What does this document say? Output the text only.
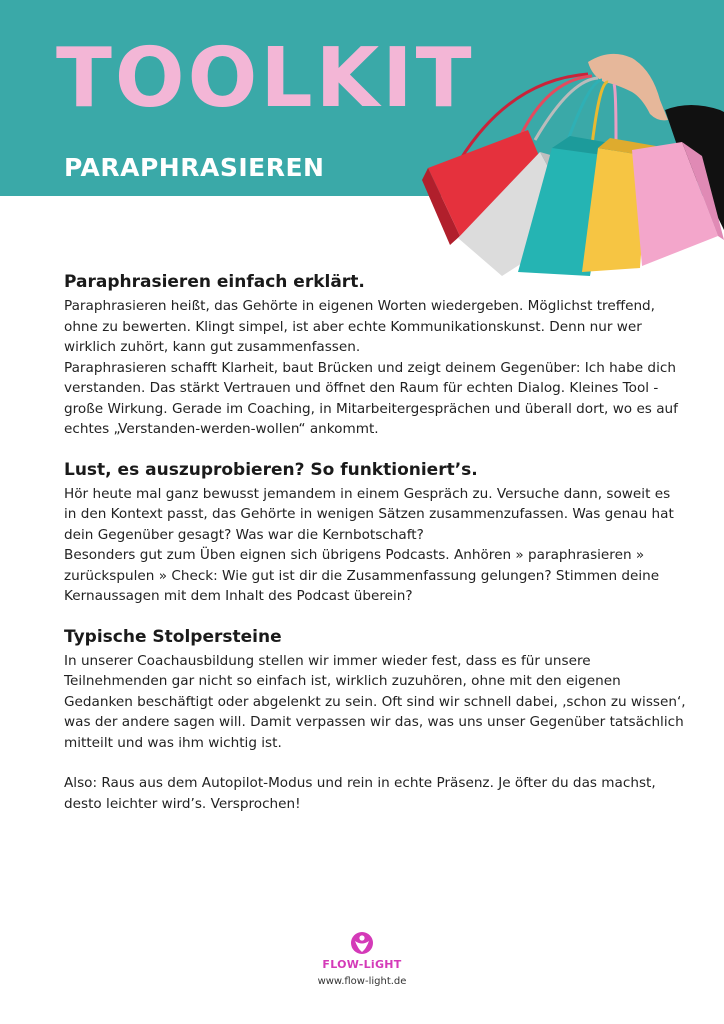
TOOLKIT
PARAPHRASIEREN
Paraphrasieren einfach erklärt.

Paraphrasieren heißt, das Gehörte in eigenen Worten wiedergeben. Möglichst treffend, ohne zu bewerten. Klingt simpel, ist aber echte Kommunikationskunst. Denn nur wer wirklich zuhört, kann gut zusammenfassen.

Paraphrasieren schafft Klarheit, baut Brücken und zeigt deinem Gegenüber: Ich habe dich verstanden. Das stärkt Vertrauen und öffnet den Raum für echten Dialog. Kleines Tool - große Wirkung. Gerade im Coaching, in Mitarbeitergesprächen und überall dort, wo es auf echtes „Verstanden-werden-wollen“ ankommt.

Lust, es auszuprobieren? So funktioniert’s.

Hör heute mal ganz bewusst jemandem in einem Gespräch zu. Versuche dann, soweit es in den Kontext passt, das Gehörte in wenigen Sätzen zusammenzufassen. Was genau hat dein Gegenüber gesagt? Was war die Kernbotschaft?

Besonders gut zum Üben eignen sich übrigens Podcasts. Anhören » paraphrasieren » zurückspulen » Check: Wie gut ist dir die Zusammenfassung gelungen? Stimmen deine Kernaussagen mit dem Inhalt des Podcast überein?

Typische Stolpersteine

In unserer Coachausbildung stellen wir immer wieder fest, dass es für unsere Teilnehmenden gar nicht so einfach ist, wirklich zuzuhören, ohne mit den eigenen Gedanken beschäftigt oder abgelenkt zu sein. Oft sind wir schnell dabei, ‚schon zu wissen‘, was der andere sagen will. Damit verpassen wir das, was uns unser Gegenüber tatsächlich mitteilt und was ihm wichtig ist.

Also: Raus aus dem Autopilot-Modus und rein in echte Präsenz. Je öfter du das machst, desto leichter wird’s. Versprochen!

FLOW-LiGHT
www.flow-light.de
